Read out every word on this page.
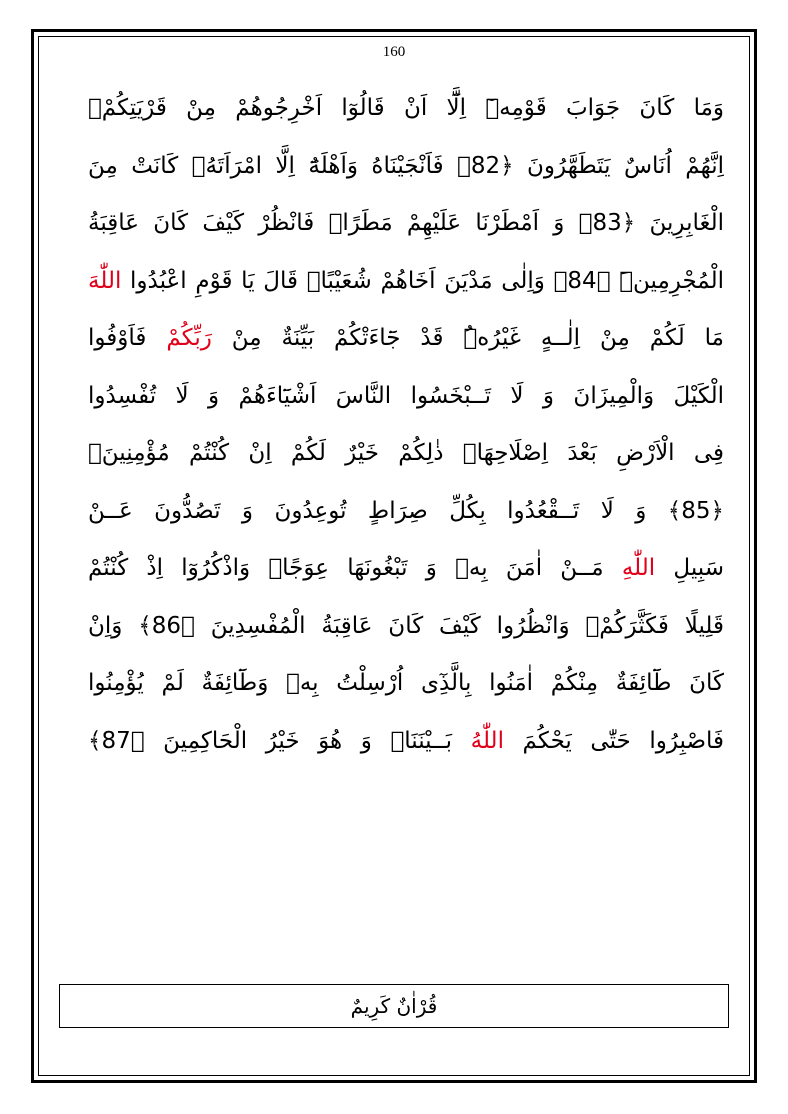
160
وَمَا كَانَ جَوَابَ قَوْمِهٖٓ اِلَّٓا اَنْ قَالُوٓا اَخْرِجُوهُمْ مِنْ قَرْيَتِكُمْۚ
اِنَّهُمْ اُنَاسٌ يَتَطَهَّرُونَ ﴿82﴾ فَاَنْجَيْنَاهُ وَاَهْلَهُٓ اِلَّا امْرَاَتَهُۘ كَانَتْ مِنَ
الْغَابِرِينَ ﴿83﴾ وَ اَمْطَرْنَا عَلَيْهِمْ مَطَرًاۜ فَانْظُرْ كَيْفَ كَانَ عَاقِبَةُ
الْمُجْرِمِينَۜ ﴿84﴾ وَاِلٰى مَدْيَنَ اَخَاهُمْ شُعَيْبًاۜ قَالَ يَا قَوْمِ اعْبُدُوا اللّٰهَ
مَا لَكُمْ مِنْ اِلٰــهٍ غَيْرُهُۜ قَدْ جَٓاءَتْكُمْ بَيِّنَةٌ مِنْ رَبِّكُمْ فَاَوْفُوا
الْكَيْلَ وَالْمِيزَانَ وَ لَا تَــبْخَسُوا النَّاسَ اَشْيَٓاءَهُمْ وَ لَا تُفْسِدُوا
فِى الْاَرْضِ بَعْدَ اِصْلَاحِهَاۜ ذٰلِكُمْ خَيْرٌ لَكُمْ اِنْ كُنْتُمْ مُؤْمِنِينَۚ
﴿85﴾ وَ لَا تَــقْعُدُوا بِكُلِّ صِرَاطٍ تُوعِدُونَ وَ تَصُدُّونَ عَــنْ
سَبِيلِ اللّٰهِ مَــنْ اٰمَنَ بِهٖ وَ تَبْغُونَهَا عِوَجًاۚ وَاذْكُرُوٓا اِذْ كُنْتُمْ
قَلِيلًا فَكَثَّرَكُمْۖ وَانْظُرُوا كَيْفَ كَانَ عَاقِبَةُ الْمُفْسِدِينَ ﴿86﴾ وَاِنْ
كَانَ طَٓائِفَةٌ مِنْكُمْ اٰمَنُوا بِالَّذِٓى اُرْسِلْتُ بِهٖ وَطَٓائِفَةٌ لَمْ يُؤْمِنُوا
فَاصْبِرُوا حَتّٰى يَحْكُمَ اللّٰهُ بَــيْنَنَاۚ وَ هُوَ خَيْرُ الْحَاكِمِينَ ﴿87﴾
قُرْاٰنٌ كَرِيمٌ
